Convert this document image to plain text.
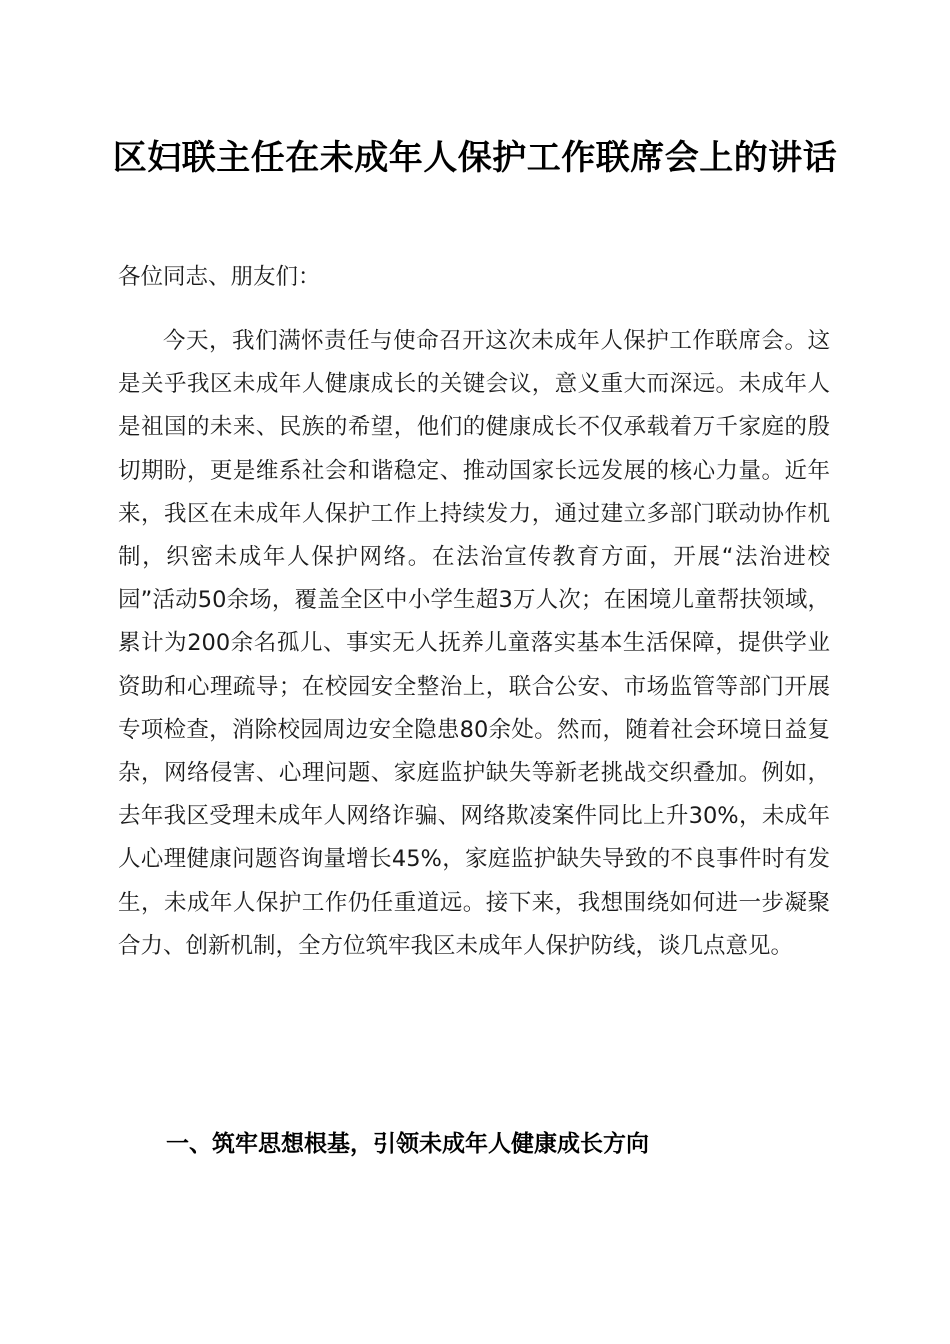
区妇联主任在未成年人保护工作联席会上的讲话

各位同志、朋友们：

今天，我们满怀责任与使命召开这次未成年人保护工作联席会。这是关乎我区未成年人健康成长的关键会议，意义重大而深远。未成年人是祖国的未来、民族的希望，他们的健康成长不仅承载着万千家庭的殷切期盼，更是维系社会和谐稳定、推动国家长远发展的核心力量。近年来，我区在未成年人保护工作上持续发力，通过建立多部门联动协作机制，织密未成年人保护网络。在法治宣传教育方面，开展“法治进校园”活动50余场，覆盖全区中小学生超3万人次；在困境儿童帮扶领域，累计为200余名孤儿、事实无人抚养儿童落实基本生活保障，提供学业资助和心理疏导；在校园安全整治上，联合公安、市场监管等部门开展专项检查，消除校园周边安全隐患80余处。然而，随着社会环境日益复杂，网络侵害、心理问题、家庭监护缺失等新老挑战交织叠加。例如，去年我区受理未成年人网络诈骗、网络欺凌案件同比上升30%，未成年人心理健康问题咨询量增长45%，家庭监护缺失导致的不良事件时有发生，未成年人保护工作仍任重道远。接下来，我想围绕如何进一步凝聚合力、创新机制，全方位筑牢我区未成年人保护防线，谈几点意见。

一、筑牢思想根基，引领未成年人健康成长方向
